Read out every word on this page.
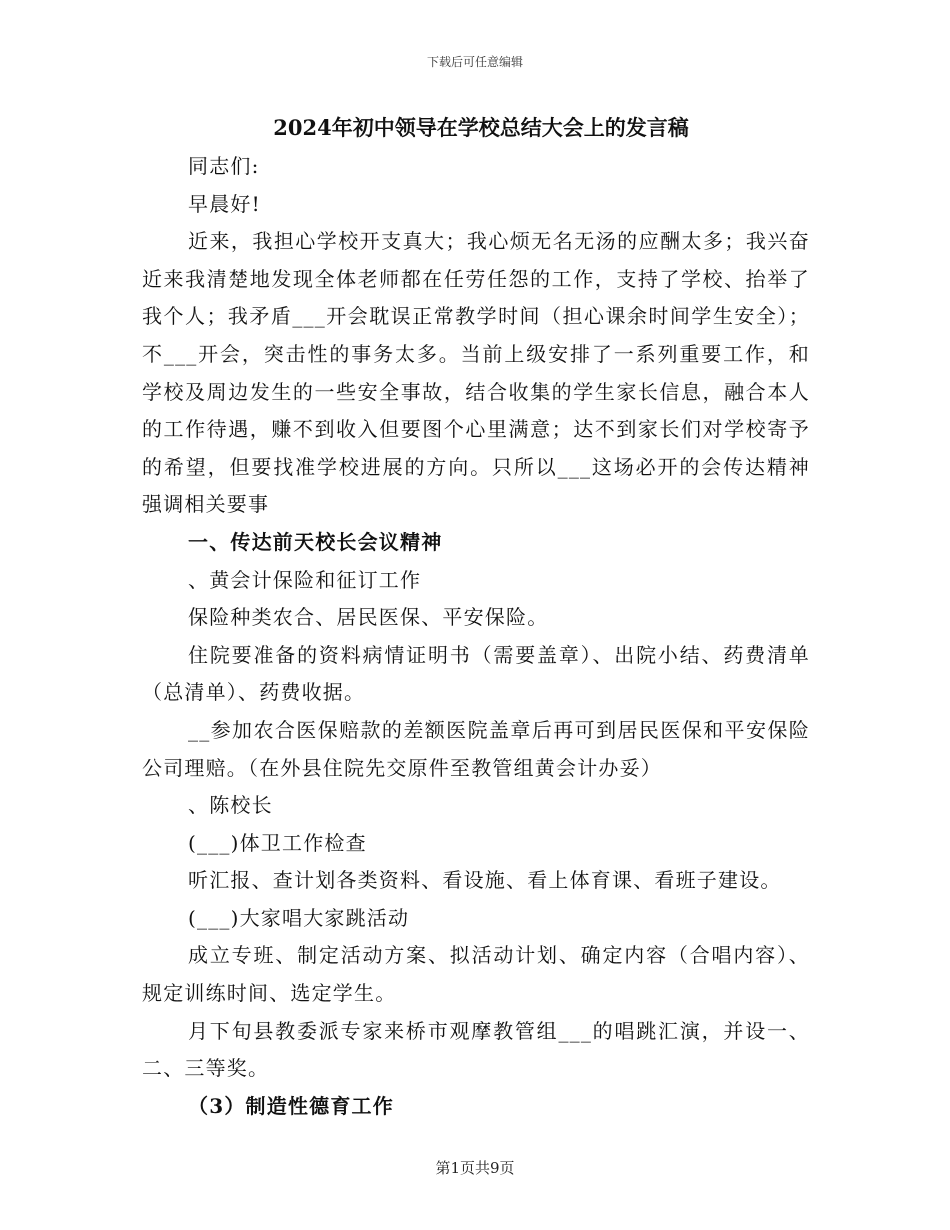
下载后可任意编辑
2024年初中领导在学校总结大会上的发言稿

同志们:

早晨好!

近来，我担心学校开支真大；我心烦无名无汤的应酬太多；我兴奋近来我清楚地发现全体老师都在任劳任怨的工作，支持了学校、抬举了我个人；我矛盾___开会耽误正常教学时间（担心课余时间学生安全）；不___开会，突击性的事务太多。当前上级安排了一系列重要工作，和学校及周边发生的一些安全事故，结合收集的学生家长信息，融合本人的工作待遇，赚不到收入但要图个心里满意；达不到家长们对学校寄予的希望，但要找准学校进展的方向。只所以___这场必开的会传达精神强调相关要事

一、传达前天校长会议精神

、黄会计保险和征订工作

保险种类农合、居民医保、平安保险。

住院要准备的资料病情证明书（需要盖章）、出院小结、药费清单（总清单）、药费收据。

__参加农合医保赔款的差额医院盖章后再可到居民医保和平安保险公司理赔。（在外县住院先交原件至教管组黄会计办妥）

、陈校长

(___)体卫工作检查

听汇报、查计划各类资料、看设施、看上体育课、看班子建设。

(___)大家唱大家跳活动

成立专班、制定活动方案、拟活动计划、确定内容（合唱内容）、规定训练时间、选定学生。

月下旬县教委派专家来桥市观摩教管组___的唱跳汇演，并设一、二、三等奖。

（3）制造性德育工作

第1页共9页
